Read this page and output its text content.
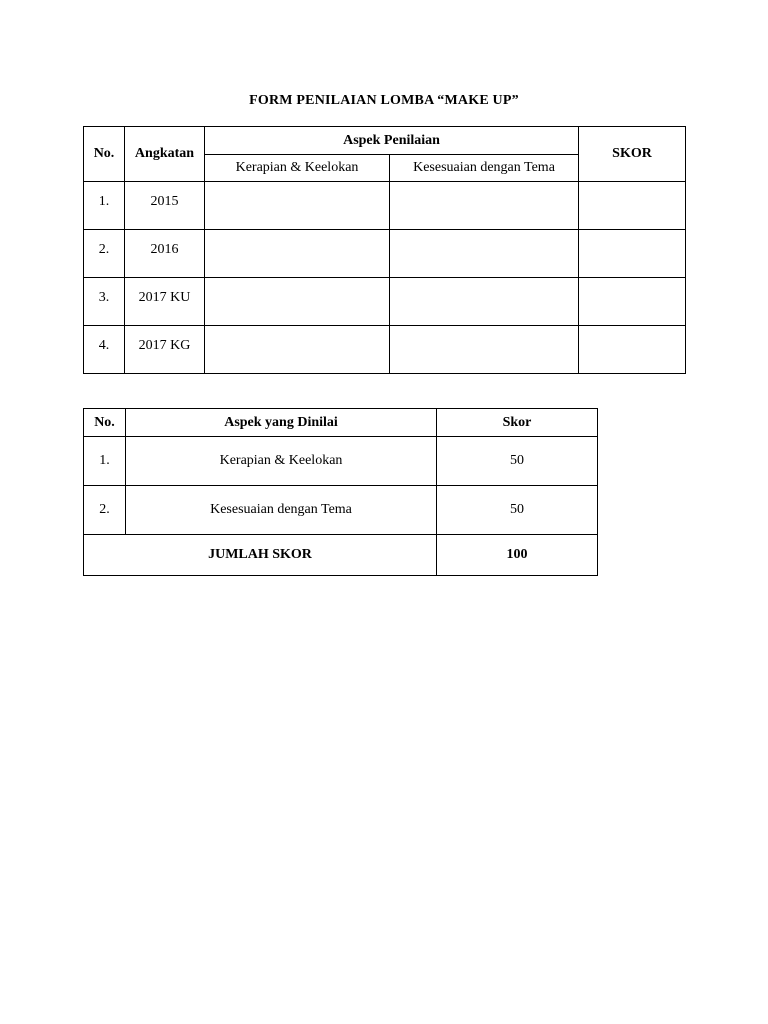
FORM PENILAIAN LOMBA “MAKE UP”
No.	Angkatan	Aspek Penilaian		SKOR
		Kerapian & Keelokan	Kesesuaian dengan Tema	
1.	2015			
2.	2016			
3.	2017 KU			
4.	2017 KG			
No.	Aspek yang Dinilai	Skor
1.	Kerapian & Keelokan	50
2.	Kesesuaian dengan Tema	50
JUMLAH SKOR		100
